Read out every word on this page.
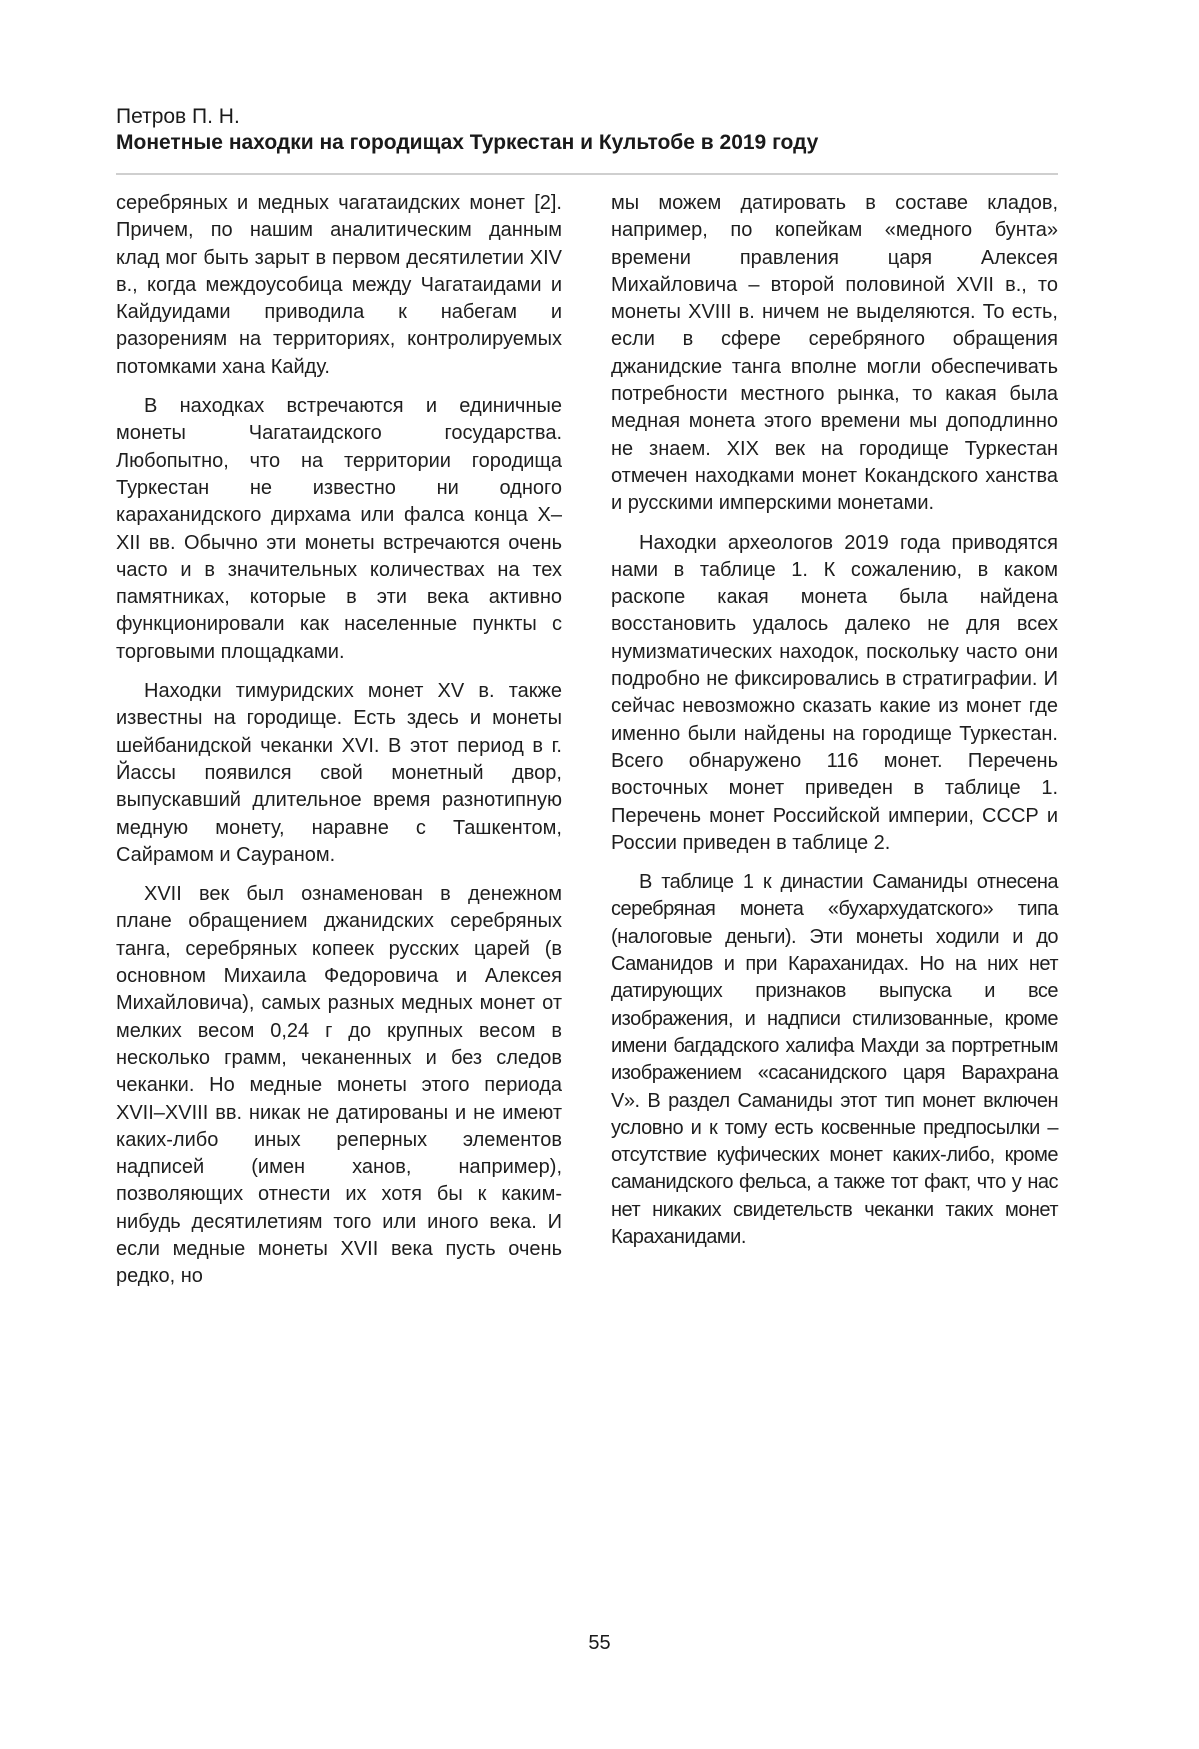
Петров П. Н.
Монетные находки на городищах Туркестан и Культобе в 2019 году

серебряных и медных чагатаидских монет [2]. Причем, по нашим аналитическим данным клад мог быть зарыт в первом десятилетии XIV в., когда междоусобица между Чагатаидами и Кайдуидами приводила к набегам и разорениям на территориях, контролируемых потомками хана Кайду.

В находках встречаются и единичные монеты Чагатаидского государства. Любопытно, что на территории городища Туркестан не известно ни одного караханидского дирхама или фалса конца X–XII вв. Обычно эти монеты встречаются очень часто и в значительных количествах на тех памятниках, которые в эти века активно функционировали как населенные пункты с торговыми площадками.

Находки тимуридских монет XV в. также известны на городище. Есть здесь и монеты шейбанидской чеканки XVI. В этот период в г. Йассы появился свой монетный двор, выпускавший длительное время разнотипную медную монету, наравне с Ташкентом, Сайрамом и Саураном.

XVII век был ознаменован в денежном плане обращением джанидских серебряных танга, серебряных копеек русских царей (в основном Михаила Федоровича и Алексея Михайловича), самых разных медных монет от мелких весом 0,24 г до крупных весом в несколько грамм, чеканенных и без следов чеканки. Но медные монеты этого периода XVII–XVIII вв. никак не датированы и не имеют каких-либо иных реперных элементов надписей (имен ханов, например), позволяющих отнести их хотя бы к каким-нибудь десятилетиям того или иного века. И если медные монеты XVII века пусть очень редко, но

мы можем датировать в составе кладов, например, по копейкам «медного бунта» времени правления царя Алексея Михайловича – второй половиной XVII в., то монеты XVIII в. ничем не выделяются. То есть, если в сфере серебряного обращения джанидские танга вполне могли обеспечивать потребности местного рынка, то какая была медная монета этого времени мы доподлинно не знаем. XIX век на городище Туркестан отмечен находками монет Кокандского ханства и русскими имперскими монетами.

Находки археологов 2019 года приводятся нами в таблице 1. К сожалению, в каком раскопе какая монета была найдена восстановить удалось далеко не для всех нумизматических находок, поскольку часто они подробно не фиксировались в стратиграфии. И сейчас невозможно сказать какие из монет где именно были найдены на городище Туркестан. Всего обнаружено 116 монет. Перечень восточных монет приведен в таблице 1. Перечень монет Российской империи, СССР и России приведен в таблице 2.

В таблице 1 к династии Саманиды отнесена серебряная монета «бухархудатского» типа (налоговые деньги). Эти монеты ходили и до Саманидов и при Караханидах. Но на них нет датирующих признаков выпуска и все изображения, и надписи стилизованные, кроме имени багдадского халифа Махди за портретным изображением «сасанидского царя Варахрана V». В раздел Саманиды этот тип монет включен условно и к тому есть косвенные предпосылки – отсутствие куфических монет каких-либо, кроме саманидского фельса, а также тот факт, что у нас нет никаких свидетельств чеканки таких монет Караханидами.

55
